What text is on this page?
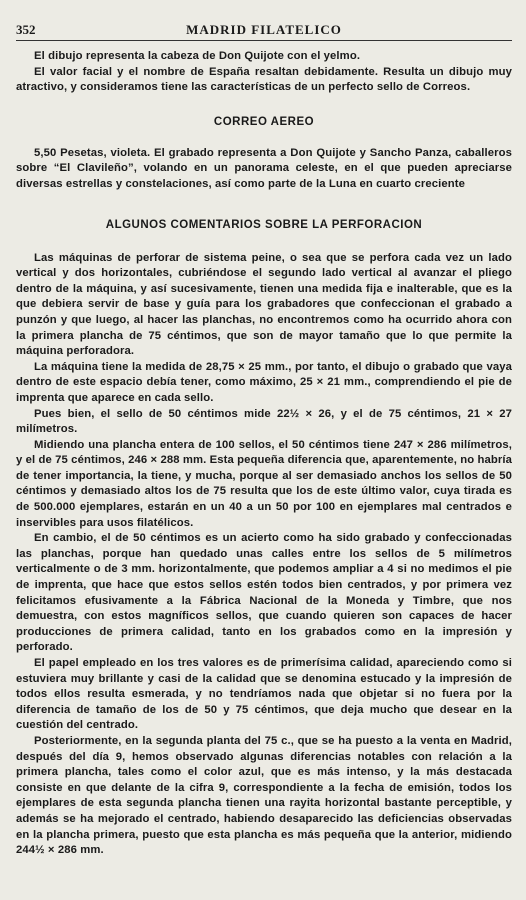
352	MADRID FILATELICO

El dibujo representa la cabeza de Don Quijote con el yelmo.

El valor facial y el nombre de España resaltan debidamente. Resulta un dibujo muy atractivo, y consideramos tiene las características de un perfecto sello de Correos.

CORREO AEREO

5,50 Pesetas, violeta. El grabado representa a Don Quijote y Sancho Panza, caballeros sobre “El Clavileño”, volando en un panorama celeste, en el que pueden apreciarse diversas estrellas y constelaciones, así como parte de la Luna en cuarto creciente

ALGUNOS COMENTARIOS SOBRE LA PERFORACION

Las máquinas de perforar de sistema peine, o sea que se perfora cada vez un lado vertical y dos horizontales, cubriéndose el segundo lado vertical al avanzar el pliego dentro de la máquina, y así sucesivamente, tienen una medida fija e inalterable, que es la que debiera servir de base y guía para los grabadores que confeccionan el grabado a punzón y que luego, al hacer las planchas, no encontremos como ha ocurrido ahora con la primera plancha de 75 céntimos, que son de mayor tamaño que lo que permite la máquina perforadora.

La máquina tiene la medida de 28,75 × 25 mm., por tanto, el dibujo o grabado que vaya dentro de este espacio debía tener, como máximo, 25 × 21 mm., comprendiendo el pie de imprenta que aparece en cada sello.

Pues bien, el sello de 50 céntimos mide 22½ × 26, y el de 75 céntimos, 21 × 27 milímetros.

Midiendo una plancha entera de 100 sellos, el 50 céntimos tiene 247 × 286 milímetros, y el de 75 céntimos, 246 × 288 mm. Esta pequeña diferencia que, aparentemente, no habría de tener importancia, la tiene, y mucha, porque al ser demasiado anchos los sellos de 50 céntimos y demasiado altos los de 75 resulta que los de este último valor, cuya tirada es de 500.000 ejemplares, estarán en un 40 a un 50 por 100 en ejemplares mal centrados e inservibles para usos filatélicos.

En cambio, el de 50 céntimos es un acierto como ha sido grabado y confeccionadas las planchas, porque han quedado unas calles entre los sellos de 5 milímetros verticalmente o de 3 mm. horizontalmente, que podemos ampliar a 4 si no medimos el pie de imprenta, que hace que estos sellos estén todos bien centrados, y por primera vez felicitamos efusivamente a la Fábrica Nacional de la Moneda y Timbre, que nos demuestra, con estos magníficos sellos, que cuando quieren son capaces de hacer producciones de primera calidad, tanto en los grabados como en la impresión y perforado.

El papel empleado en los tres valores es de primerísima calidad, apareciendo como si estuviera muy brillante y casi de la calidad que se denomina estucado y la impresión de todos ellos resulta esmerada, y no tendríamos nada que objetar si no fuera por la diferencia de tamaño de los de 50 y 75 céntimos, que deja mucho que desear en la cuestión del centrado.

Posteriormente, en la segunda planta del 75 c., que se ha puesto a la venta en Madrid, después del día 9, hemos observado algunas diferencias notables con relación a la primera plancha, tales como el color azul, que es más intenso, y la más destacada consiste en que delante de la cifra 9, correspondiente a la fecha de emisión, todos los ejemplares de esta segunda plancha tienen una rayita horizontal bastante perceptible, y además se ha mejorado el centrado, habiendo desaparecido las deficiencias observadas en la plancha primera, puesto que esta plancha es más pequeña que la anterior, midiendo 244½ × 286 mm.
